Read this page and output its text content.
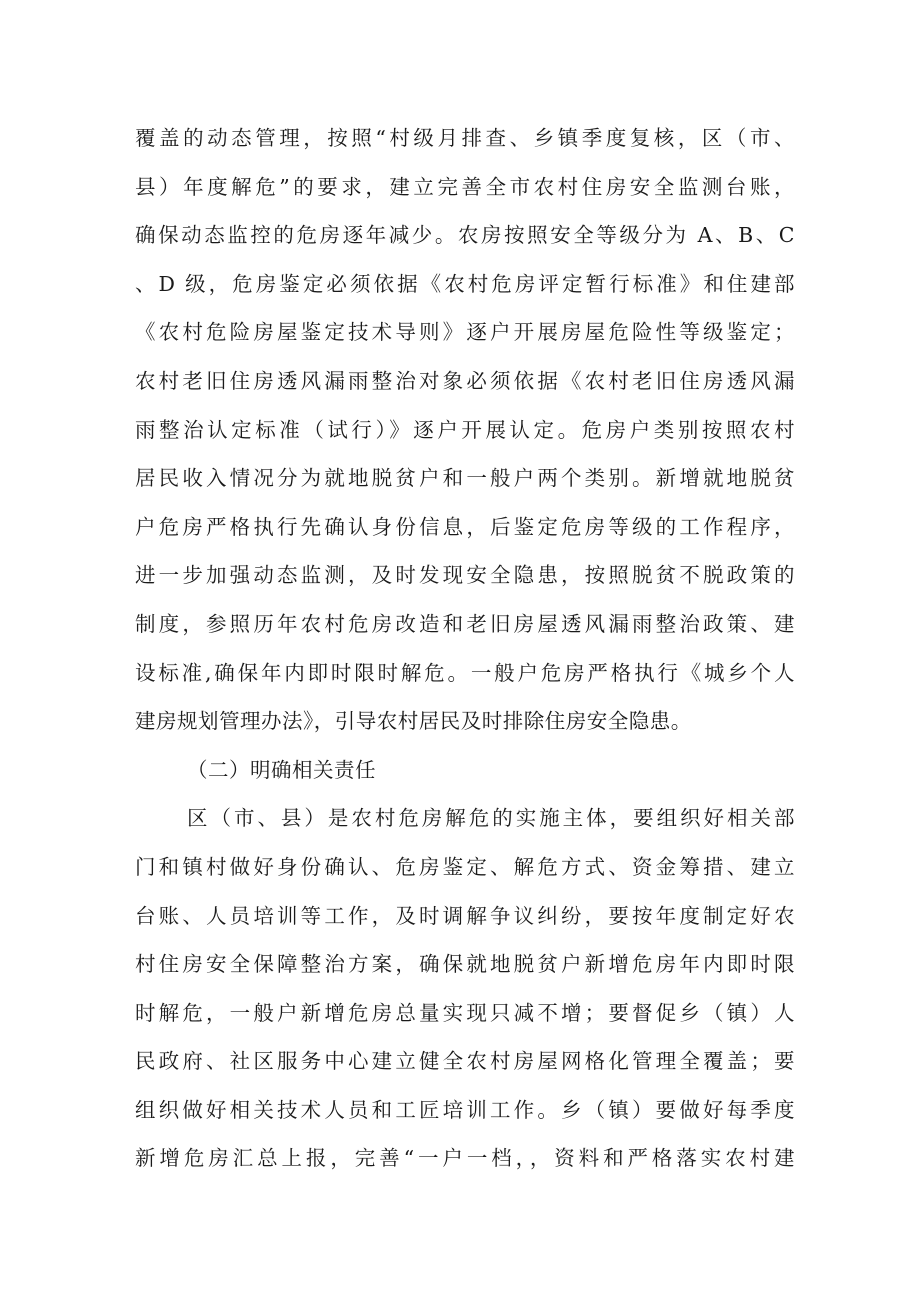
覆盖的动态管理，按照“村级月排查、乡镇季度复核，区（市、
县）年度解危”的要求，建立完善全市农村住房安全监测台账，
确保动态监控的危房逐年减少。农房按照安全等级分为 A、B、C
、D 级，危房鉴定必须依据《农村危房评定暂行标准》和住建部
《农村危险房屋鉴定技术导则》逐户开展房屋危险性等级鉴定；
农村老旧住房透风漏雨整治对象必须依据《农村老旧住房透风漏
雨整治认定标准（试行）》逐户开展认定。危房户类别按照农村
居民收入情况分为就地脱贫户和一般户两个类别。新增就地脱贫
户危房严格执行先确认身份信息，后鉴定危房等级的工作程序，
进一步加强动态监测，及时发现安全隐患，按照脱贫不脱政策的
制度，参照历年农村危房改造和老旧房屋透风漏雨整治政策、建
设标准,确保年内即时限时解危。一般户危房严格执行《城乡个人
建房规划管理办法》，引导农村居民及时排除住房安全隐患。
（二）明确相关责任
区（市、县）是农村危房解危的实施主体，要组织好相关部
门和镇村做好身份确认、危房鉴定、解危方式、资金筹措、建立
台账、人员培训等工作，及时调解争议纠纷，要按年度制定好农
村住房安全保障整治方案，确保就地脱贫户新增危房年内即时限
时解危，一般户新增危房总量实现只减不增；要督促乡（镇）人
民政府、社区服务中心建立健全农村房屋网格化管理全覆盖；要
组织做好相关技术人员和工匠培训工作。乡（镇）要做好每季度
新增危房汇总上报，完善“一户一档，，资料和严格落实农村建
